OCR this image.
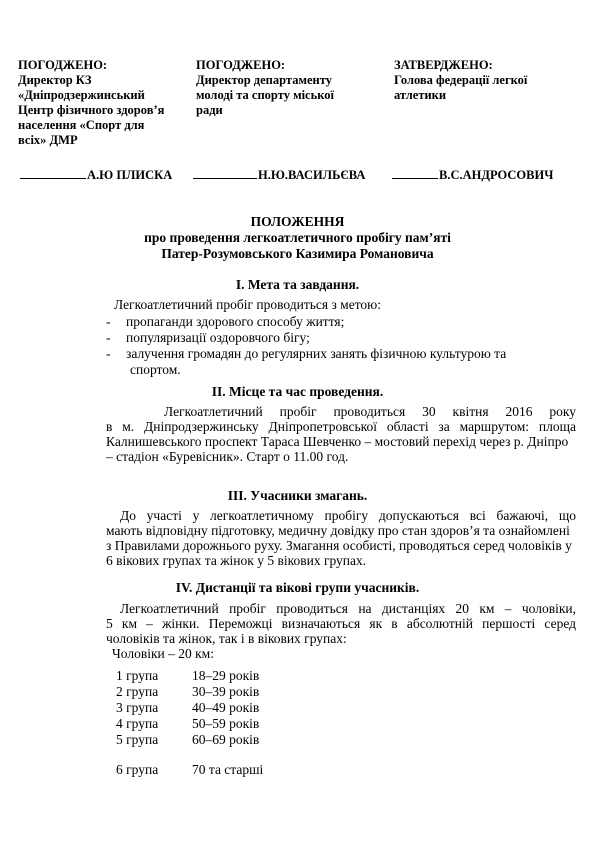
ПОГОДЖЕНО:
Директор КЗ
«Дніпродзержинський
Центр фізичного здоров’я
населення «Спорт для
всіх» ДМР
ПОГОДЖЕНО:
Директор департаменту
молоді та спорту міської
ради
ЗАТВЕРДЖЕНО:
Голова федерації легкої
атлетики
А.Ю ПЛИСКА	Н.Ю.ВАСИЛЬЄВА	В.С.АНДРОСОВИЧ
ПОЛОЖЕННЯ
про проведення легкоатлетичного пробігу пам’яті
Патер-Розумовського Казимира Романовича
І. Мета та завдання.
Легкоатлетичний пробіг проводиться з метою:
- пропаганди здорового способу життя;
- популяризації оздоровчого бігу;
- залучення громадян до регулярних занять фізичною культурою та
спортом.
ІІ. Місце та час проведення.
Легкоатлетичний пробіг проводиться 30 квітня 2016 року
в м. Дніпродзержинську Дніпропетровської області за маршрутом: площа
Калнишевського проспект Тараса Шевченко – мостовий перехід через р. Дніпро
– стадіон «Буревісник». Старт о 11.00 год.
ІІІ. Учасники змагань.
До участі у легкоатлетичному пробігу допускаються всі бажаючі, що
мають відповідну підготовку, медичну довідку про стан здоров’я та ознайомлені
з Правилами дорожнього руху. Змагання особисті, проводяться серед чоловіків у
6 вікових групах та жінок у 5 вікових групах.
ІV. Дистанції та вікові групи учасників.
Легкоатлетичний пробіг проводиться на дистанціях 20 км – чоловіки,
5 км – жінки. Переможці визначаються як в абсолютній першості серед
чоловіків та жінок, так і в вікових групах:
Чоловіки – 20 км:
1 група	18–29 років
2 група	30–39 років
3 група	40–49 років
4 група	50–59 років
5 група	60–69 років
6 група	70 та старші
